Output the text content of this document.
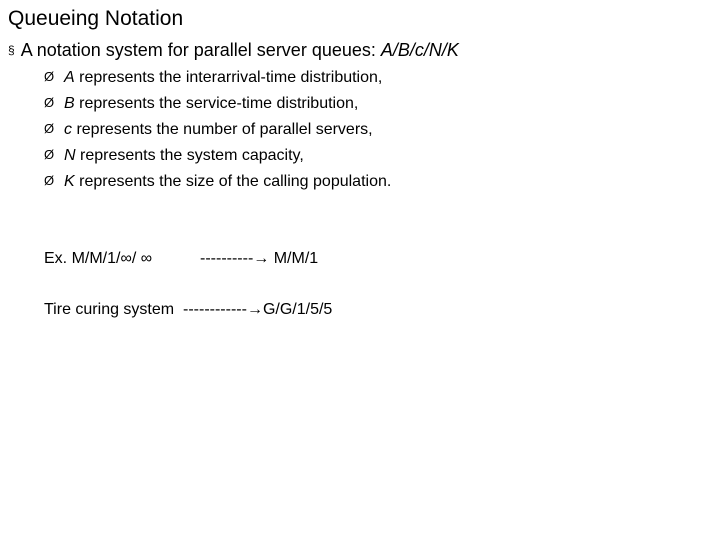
Queueing Notation
§ A notation system for parallel server queues: A/B/c/N/K
Ø A represents the interarrival-time distribution,
Ø B represents the service-time distribution,
Ø c represents the number of parallel servers,
Ø N represents the system capacity,
Ø K represents the size of the calling population.
Ex. M/M/1/∞/ ∞	----------→ M/M/1
Tire curing system  ------------→G/G/1/5/5
